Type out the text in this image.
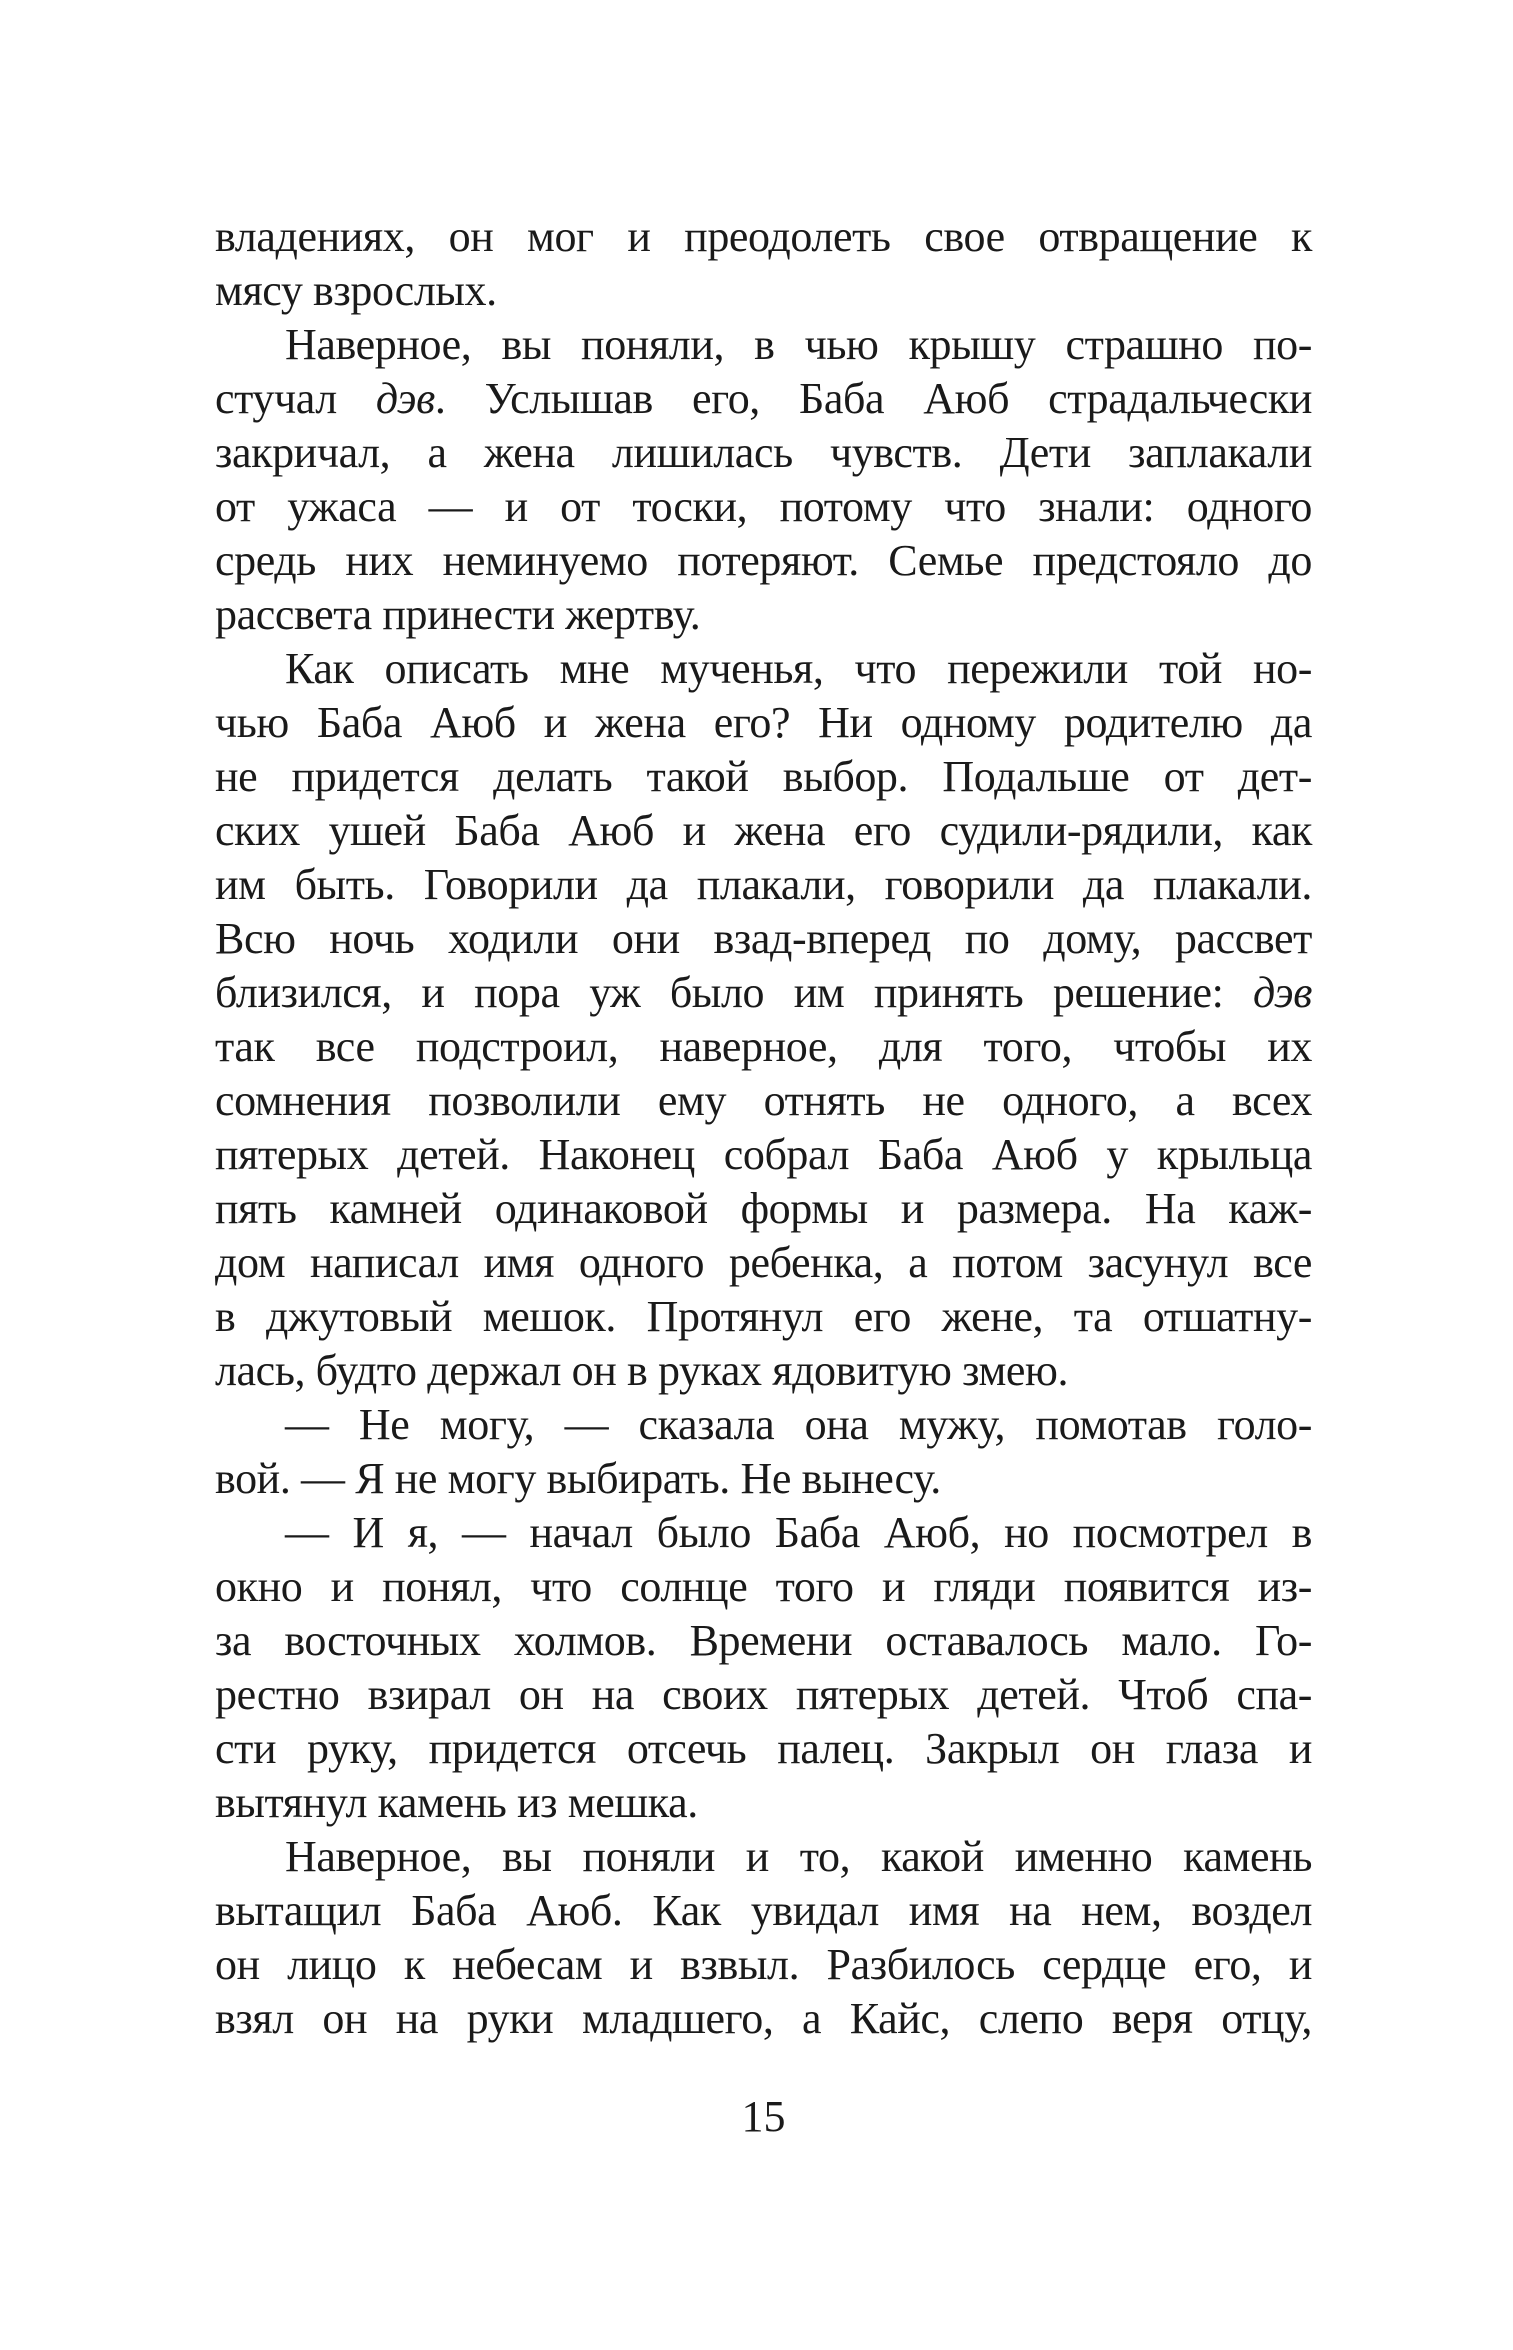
владениях, он мог и преодолеть свое отвращение к
мясу взрослых.

Наверное, вы поняли, в чью крышу страшно по-
стучал дэв. Услышав его, Баба Аюб страдальчески
закричал, а жена лишилась чувств. Дети заплакали
от ужаса — и от тоски, потому что знали: одного
средь них неминуемо потеряют. Семье предстояло до
рассвета принести жертву.

Как описать мне мученья, что пережили той но-
чью Баба Аюб и жена его? Ни одному родителю да
не придется делать такой выбор. Подальше от дет-
ских ушей Баба Аюб и жена его судили-рядили, как
им быть. Говорили да плакали, говорили да плакали.
Всю ночь ходили они взад-вперед по дому, рассвет
близился, и пора уж было им принять решение: дэв
так все подстроил, наверное, для того, чтобы их
сомнения позволили ему отнять не одного, а всех
пятерых детей. Наконец собрал Баба Аюб у крыльца
пять камней одинаковой формы и размера. На каж-
дом написал имя одного ребенка, а потом засунул все
в джутовый мешок. Протянул его жене, та отшатну-
лась, будто держал он в руках ядовитую змею.

— Не могу, — сказала она мужу, помотав голо-
вой. — Я не могу выбирать. Не вынесу.

— И я, — начал было Баба Аюб, но посмотрел в
окно и понял, что солнце того и гляди появится из-
за восточных холмов. Времени оставалось мало. Го-
рестно взирал он на своих пятерых детей. Чтоб спа-
сти руку, придется отсечь палец. Закрыл он глаза и
вытянул камень из мешка.

Наверное, вы поняли и то, какой именно камень
вытащил Баба Аюб. Как увидал имя на нем, воздел
он лицо к небесам и взвыл. Разбилось сердце его, и
взял он на руки младшего, а Кайс, слепо веря отцу,

15
